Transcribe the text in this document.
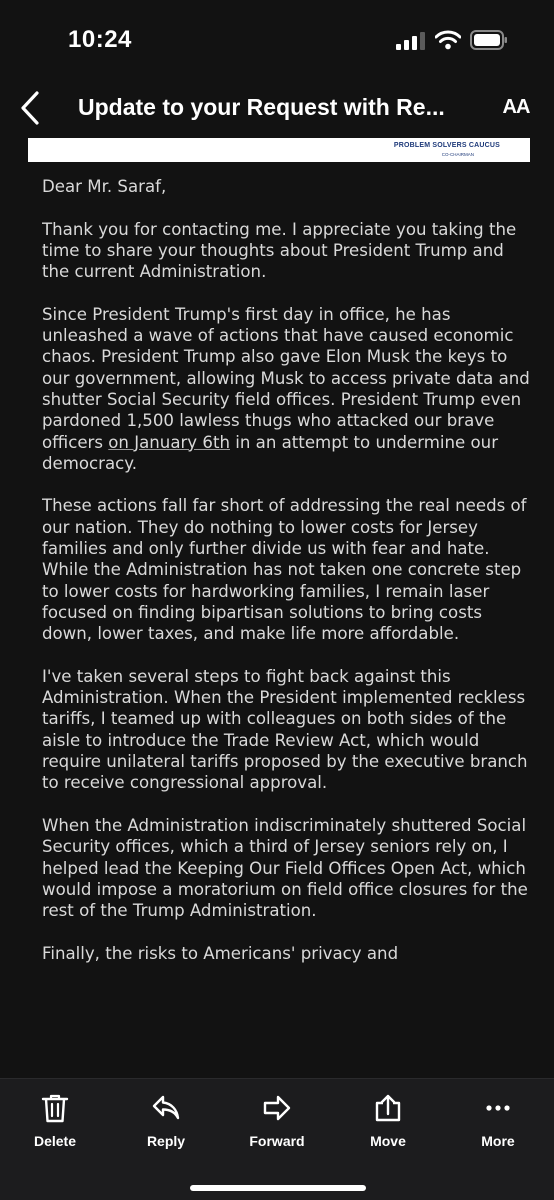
10:24
Update to your Request with Re...	AA
PROBLEM SOLVERS CAUCUS
CO-CHAIRMAN

Dear Mr. Saraf,

Thank you for contacting me. I appreciate you taking the time to share your thoughts about President Trump and the current Administration.

Since President Trump's first day in office, he has unleashed a wave of actions that have caused economic chaos. President Trump also gave Elon Musk the keys to our government, allowing Musk to access private data and shutter Social Security field offices. President Trump even pardoned 1,500 lawless thugs who attacked our brave officers on January 6th in an attempt to undermine our democracy.

These actions fall far short of addressing the real needs of our nation. They do nothing to lower costs for Jersey families and only further divide us with fear and hate. While the Administration has not taken one concrete step to lower costs for hardworking families, I remain laser focused on finding bipartisan solutions to bring costs down, lower taxes, and make life more affordable.

I've taken several steps to fight back against this Administration. When the President implemented reckless tariffs, I teamed up with colleagues on both sides of the aisle to introduce the Trade Review Act, which would require unilateral tariffs proposed by the executive branch to receive congressional approval.

When the Administration indiscriminately shuttered Social Security offices, which a third of Jersey seniors rely on, I helped lead the Keeping Our Field Offices Open Act, which would impose a moratorium on field office closures for the rest of the Trump Administration.

Finally, the risks to Americans' privacy and

Delete	Reply	Forward	Move	More
